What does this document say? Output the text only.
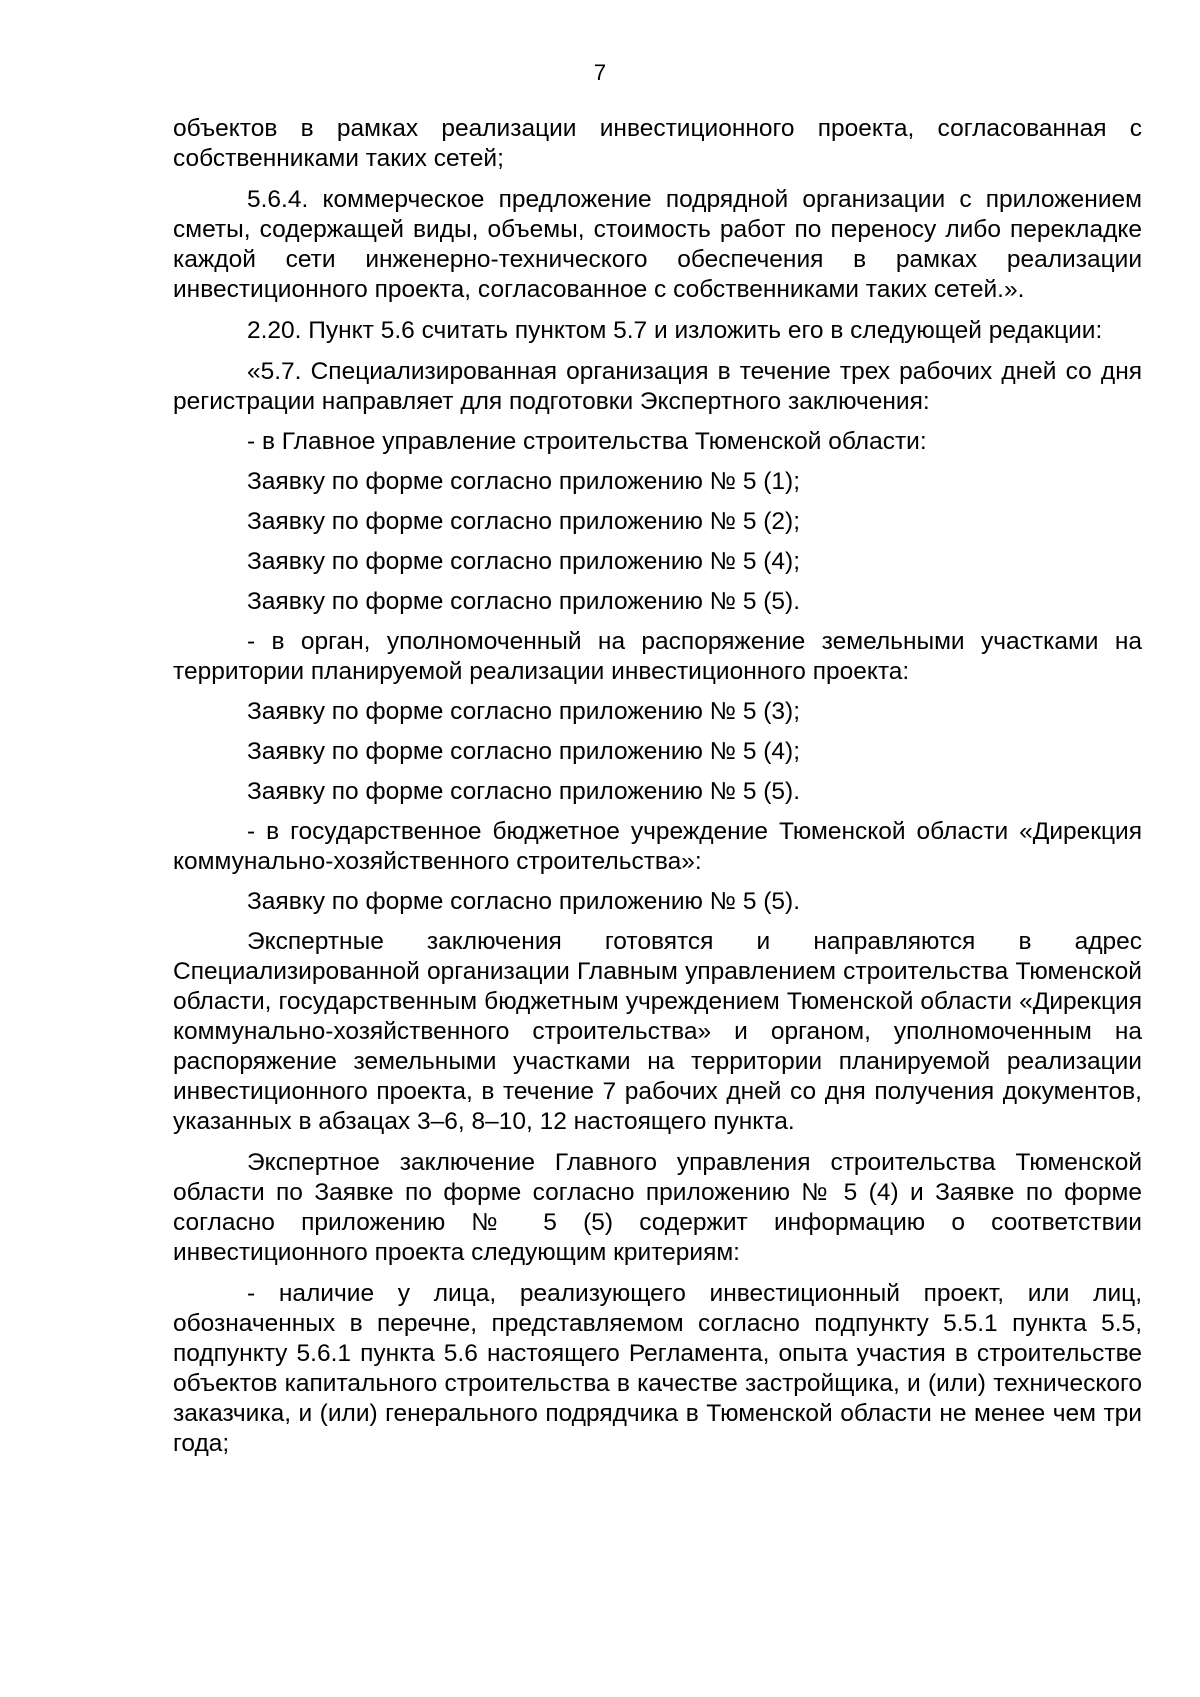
7

объектов в рамках реализации инвестиционного проекта, согласованная с собственниками таких сетей;

5.6.4. коммерческое предложение подрядной организации с приложением сметы, содержащей виды, объемы, стоимость работ по переносу либо перекладке каждой сети инженерно-технического обеспечения в рамках реализации инвестиционного проекта, согласованное с собственниками таких сетей.».

2.20. Пункт 5.6 считать пунктом 5.7 и изложить его в следующей редакции:

«5.7. Специализированная организация в течение трех рабочих дней со дня регистрации направляет для подготовки Экспертного заключения:

- в Главное управление строительства Тюменской области:

Заявку по форме согласно приложению № 5 (1);

Заявку по форме согласно приложению № 5 (2);

Заявку по форме согласно приложению № 5 (4);

Заявку по форме согласно приложению № 5 (5).

- в орган, уполномоченный на распоряжение земельными участками на территории планируемой реализации инвестиционного проекта:

Заявку по форме согласно приложению № 5 (3);

Заявку по форме согласно приложению № 5 (4);

Заявку по форме согласно приложению № 5 (5).

- в государственное бюджетное учреждение Тюменской области «Дирекция коммунально-хозяйственного строительства»:

Заявку по форме согласно приложению № 5 (5).

Экспертные заключения готовятся и направляются в адрес Специализированной организации Главным управлением строительства Тюменской области, государственным бюджетным учреждением Тюменской области «Дирекция коммунально-хозяйственного строительства» и органом, уполномоченным на распоряжение земельными участками на территории планируемой реализации инвестиционного проекта, в течение 7 рабочих дней со дня получения документов, указанных в абзацах 3–6, 8–10, 12 настоящего пункта.

Экспертное заключение Главного управления строительства Тюменской области по Заявке по форме согласно приложению № 5 (4) и Заявке по форме согласно приложению № 5 (5) содержит информацию о соответствии инвестиционного проекта следующим критериям:

- наличие у лица, реализующего инвестиционный проект, или лиц, обозначенных в перечне, представляемом согласно подпункту 5.5.1 пункта 5.5, подпункту 5.6.1 пункта 5.6 настоящего Регламента, опыта участия в строительстве объектов капитального строительства в качестве застройщика, и (или) технического заказчика, и (или) генерального подрядчика в Тюменской области не менее чем три года;
